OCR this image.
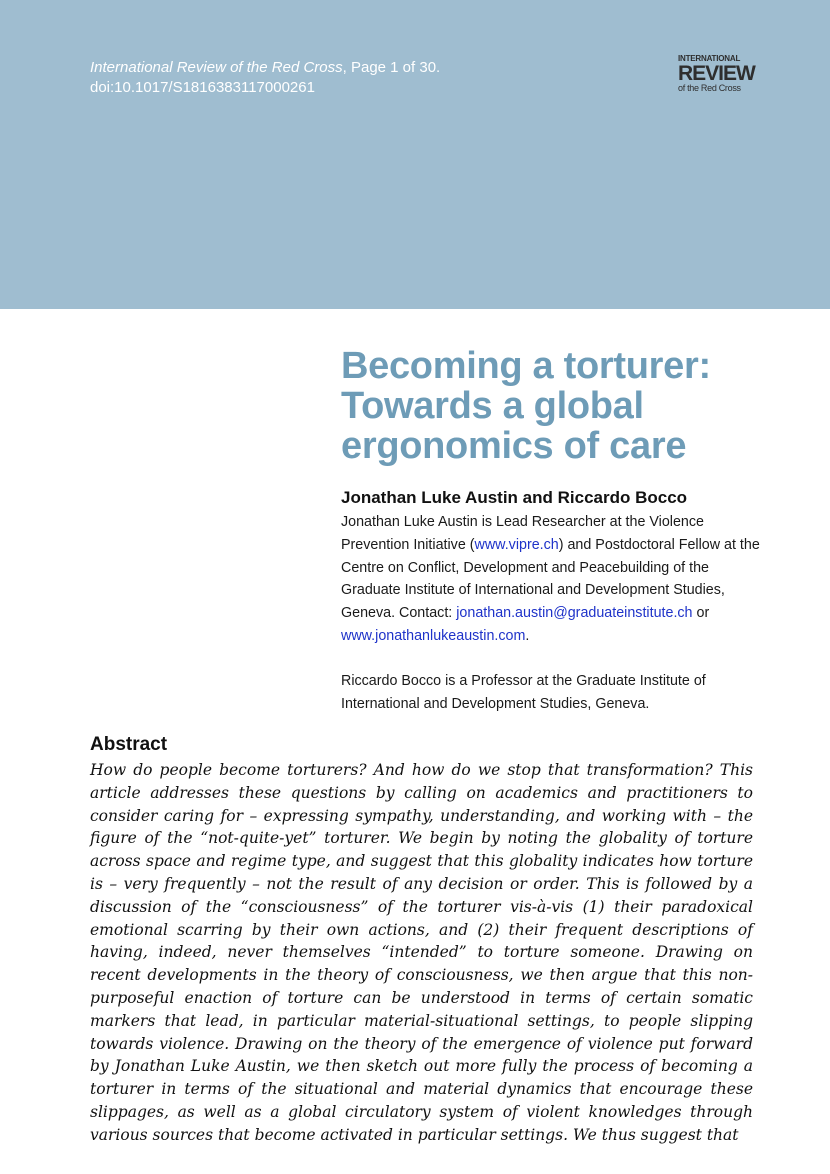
International Review of the Red Cross, Page 1 of 30.
doi:10.1017/S1816383117000261
INTERNATIONAL
REVIEW
of the Red Cross
Becoming a torturer:
Towards a global
ergonomics of care
Jonathan Luke Austin and Riccardo Bocco
Jonathan Luke Austin is Lead Researcher at the Violence Prevention Initiative (www.vipre.ch) and Postdoctoral Fellow at the Centre on Conflict, Development and Peacebuilding of the Graduate Institute of International and Development Studies, Geneva. Contact: jonathan.austin@graduateinstitute.ch or www.jonathanlukeaustin.com.
Riccardo Bocco is a Professor at the Graduate Institute of International and Development Studies, Geneva.
Abstract
How do people become torturers? And how do we stop that transformation? This article addresses these questions by calling on academics and practitioners to consider caring for – expressing sympathy, understanding, and working with – the figure of the “not-quite-yet” torturer. We begin by noting the globality of torture across space and regime type, and suggest that this globality indicates how torture is – very frequently – not the result of any decision or order. This is followed by a discussion of the “consciousness” of the torturer vis-à-vis (1) their paradoxical emotional scarring by their own actions, and (2) their frequent descriptions of having, indeed, never themselves “intended” to torture someone. Drawing on recent developments in the theory of consciousness, we then argue that this non-purposeful enaction of torture can be understood in terms of certain somatic markers that lead, in particular material-situational settings, to people slipping towards violence. Drawing on the theory of the emergence of violence put forward by Jonathan Luke Austin, we then sketch out more fully the process of becoming a torturer in terms of the situational and material dynamics that encourage these slippages, as well as a global circulatory system of violent knowledges through various sources that become activated in particular settings. We thus suggest that
